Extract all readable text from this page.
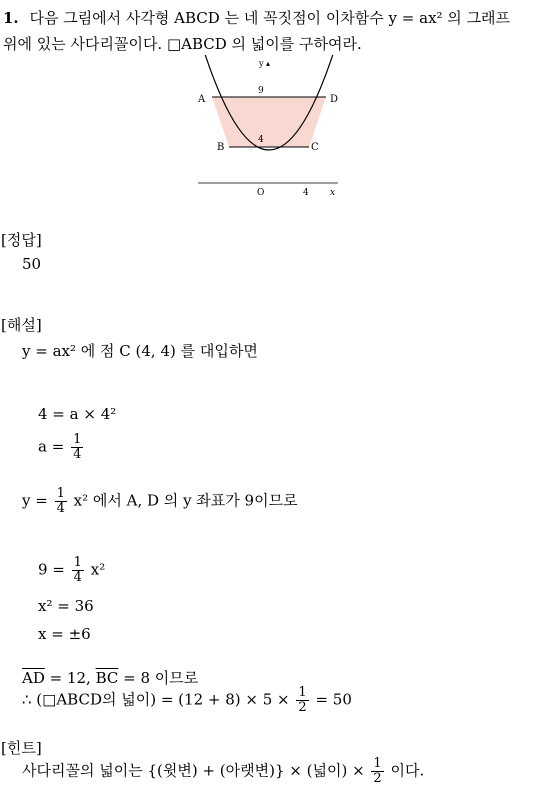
1. 다음 그림에서 사각형 ABCD 는 네 꼭짓점이 이차함수 y = ax² 의 그래프
위에 있는 사다리꼴이다. □ABCD 의 넓이를 구하여라.
y ▴
9
4
A	D
B	C
O	4 x
[정답]
50
[해설]
y = ax² 에 점 C (4, 4) 를 대입하면
4 = a × 4²
$a = \frac{1}{4}$
$y = \frac{1}{4} x^2$ 에서 A, D 의 y 좌표가 9이므로
$9 = \frac{1}{4} x^2$
x² = 36
x = ±6
$\overline{AD} = 12$, $\overline{BC} = 8$ 이므로
∴ (□ABCD의 넓이) = $(12 + 8) \times 5 \times \frac{1}{2} = 50$
[힌트]
사다리꼴의 넓이는 {(윗변) + (아랫변)} × (넓이) × $\frac{1}{2}$ 이다.
